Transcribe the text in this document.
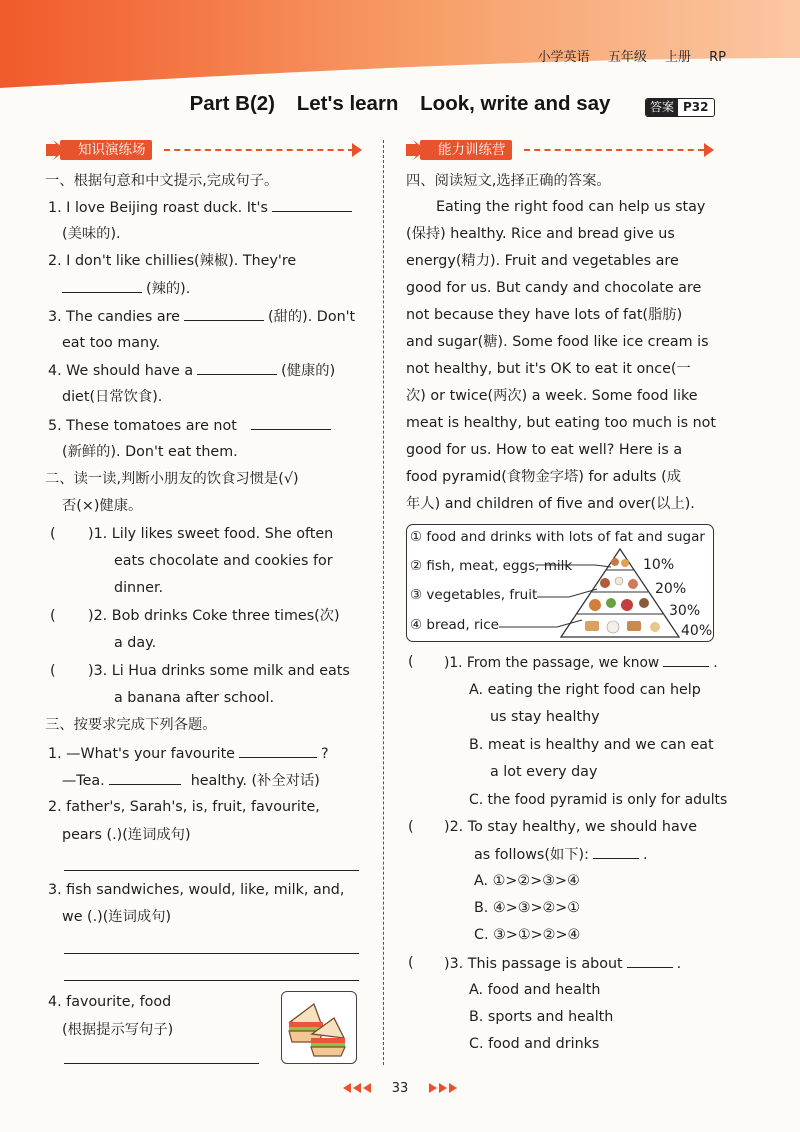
小学英语 五年级 上册 RP
Part B(2) Let's learn Look, write and say	答案 P32
知识演练场
一、根据句意和中文提示,完成句子。
1. I love Beijing roast duck. It's
(美味的).
2. I don't like chillies(辣椒). They're
(辣的).
3. The candies are	(甜的). Don't
eat too many.
4. We should have a	(健康的)
diet(日常饮食).
5. These tomatoes are not
(新鲜的). Don't eat them.
二、读一读,判断小朋友的饮食习惯是(√)
否(×)健康。
( )1. Lily likes sweet food. She often
eats chocolate and cookies for
dinner.
( )2. Bob drinks Coke three times(次)
a day.
( )3. Li Hua drinks some milk and eats
a banana after school.
三、按要求完成下列各题。
1. —What's your favourite	?
—Tea.	healthy. (补全对话)
2. father's, Sarah's, is, fruit, favourite,
pears (.)(连词成句)
3. fish sandwiches, would, like, milk, and,
we (.)(连词成句)
4. favourite, food
(根据提示写句子)
能力训练营
四、阅读短文,选择正确的答案。
Eating the right food can help us stay
(保持) healthy. Rice and bread give us
energy(精力). Fruit and vegetables are
good for us. But candy and chocolate are
not because they have lots of fat(脂肪)
and sugar(糖). Some food like ice cream is
not healthy, but it's OK to eat it once(一
次) or twice(两次) a week. Some food like
meat is healthy, but eating too much is not
good for us. How to eat well? Here is a
food pyramid(食物金字塔) for adults (成
年人) and children of five and over(以上).
① food and drinks with lots of fat and sugar
② fish, meat, eggs, milk
③ vegetables, fruit
④ bread, rice
10%
20%
30%
40%
( )1. From the passage, we know	.
A. eating the right food can help
us stay healthy
B. meat is healthy and we can eat
a lot every day
C. the food pyramid is only for adults
( )2. To stay healthy, we should have
as follows(如下):	.
A. ①>②>③>④
B. ④>③>②>①
C. ③>①>②>④
( )3. This passage is about	.
A. food and health
B. sports and health
C. food and drinks
33
